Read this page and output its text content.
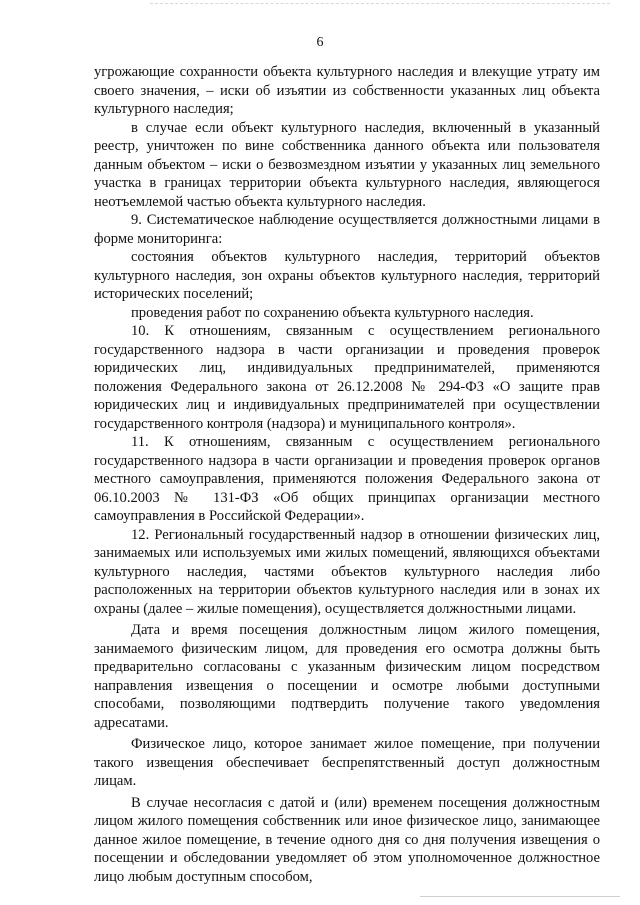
6

угрожающие сохранности объекта культурного наследия и влекущие утрату им своего значения, – иски об изъятии из собственности указанных лиц объекта культурного наследия;

в случае если объект культурного наследия, включенный в указанный реестр, уничтожен по вине собственника данного объекта или пользователя данным объектом – иски о безвозмездном изъятии у указанных лиц земельного участка в границах территории объекта культурного наследия, являющегося неотъемлемой частью объекта культурного наследия.

9. Систематическое наблюдение осуществляется должностными лицами в форме мониторинга:

состояния объектов культурного наследия, территорий объектов культурного наследия, зон охраны объектов культурного наследия, территорий исторических поселений;

проведения работ по сохранению объекта культурного наследия.

10. К отношениям, связанным с осуществлением регионального государственного надзора в части организации и проведения проверок юридических лиц, индивидуальных предпринимателей, применяются положения Федерального закона от 26.12.2008 № 294-ФЗ «О защите прав юридических лиц и индивидуальных предпринимателей при осуществлении государственного контроля (надзора) и муниципального контроля».

11. К отношениям, связанным с осуществлением регионального государственного надзора в части организации и проведения проверок органов местного самоуправления, применяются положения Федерального закона от 06.10.2003 № 131-ФЗ «Об общих принципах организации местного самоуправления в Российской Федерации».

12. Региональный государственный надзор в отношении физических лиц, занимаемых или используемых ими жилых помещений, являющихся объектами культурного наследия, частями объектов культурного наследия либо расположенных на территории объектов культурного наследия или в зонах их охраны (далее – жилые помещения), осуществляется должностными лицами.

Дата и время посещения должностным лицом жилого помещения, занимаемого физическим лицом, для проведения его осмотра должны быть предварительно согласованы с указанным физическим лицом посредством направления извещения о посещении и осмотре любыми доступными способами, позволяющими подтвердить получение такого уведомления адресатами.

Физическое лицо, которое занимает жилое помещение, при получении такого извещения обеспечивает беспрепятственный доступ должностным лицам.

В случае несогласия с датой и (или) временем посещения должностным лицом жилого помещения собственник или иное физическое лицо, занимающее данное жилое помещение, в течение одного дня со дня получения извещения о посещении и обследовании уведомляет об этом уполномоченное должностное лицо любым доступным способом,
